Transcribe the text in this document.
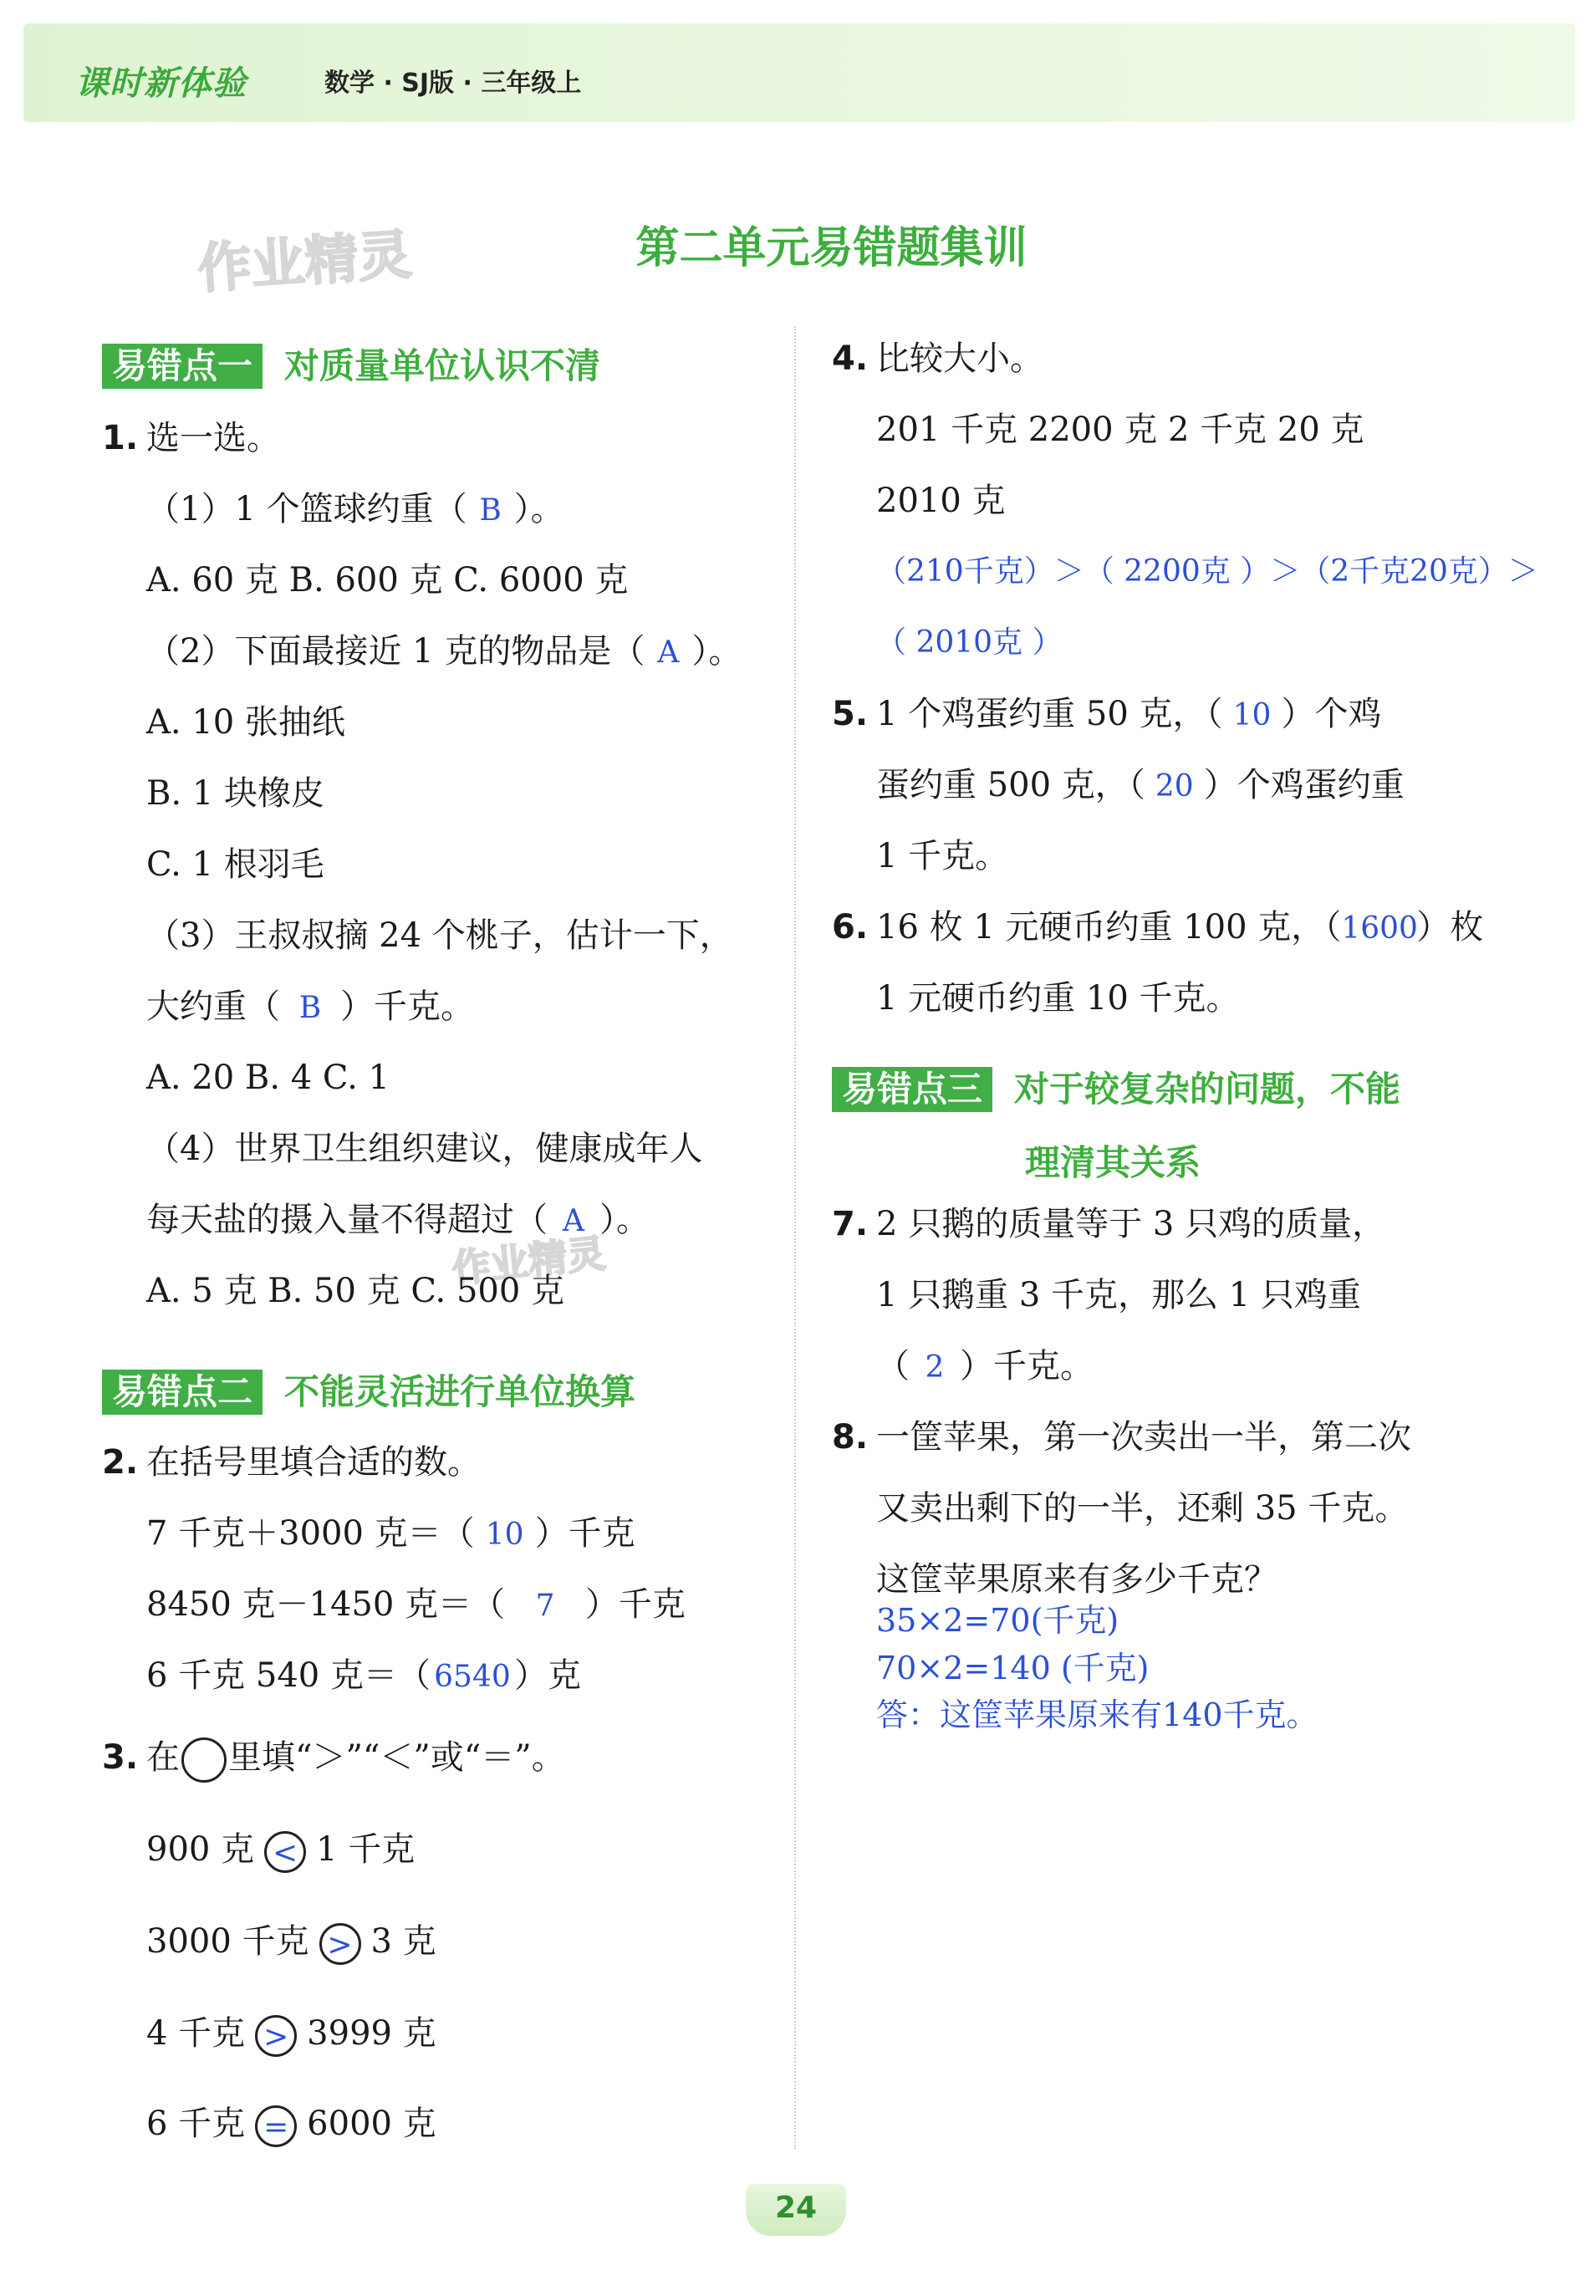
课时新体验	数学 · SJ版 · 三年级上
作业精灵
作业精灵
第二单元易错题集训
易错点一 对质量单位认识不清
1. 选一选。
（1）1 个篮球约重（ B ）。
A. 60 克 B. 600 克 C. 6000 克
（2）下面最接近 1 克的物品是（ A ）。
A. 10 张抽纸
B. 1 块橡皮
C. 1 根羽毛
（3）王叔叔摘 24 个桃子，估计一下，
大约重（ B ）千克。
A. 20 B. 4 C. 1
（4）世界卫生组织建议，健康成年人
每天盐的摄入量不得超过（ A ）。
A. 5 克 B. 50 克 C. 500 克
易错点二 不能灵活进行单位换算
2. 在括号里填合适的数。
7 千克＋3000 克＝（ 10 ）千克
8450 克－1450 克＝（ 7 ）千克
6 千克 540 克＝（ 6540 ）克
3. 在 里填“＞”“＜”或“＝”。
900 克 < 1 千克
3000 千克 > 3 克
4 千克 > 3999 克
6 千克 = 6000 克
4. 比较大小。
201 千克 2200 克 2 千克 20 克
2010 克
（210千克）＞（ 2200克 ）＞（2千克20克）＞
（ 2010克 ）
5. 1 个鸡蛋约重 50 克，（ 10 ）个鸡
蛋约重 500 克，（ 20 ）个鸡蛋约重
1 千克。
6. 16 枚 1 元硬币约重 100 克，（1600）枚
1 元硬币约重 10 千克。
易错点三 对于较复杂的问题，不能
理清其关系
7. 2 只鹅的质量等于 3 只鸡的质量，
1 只鹅重 3 千克，那么 1 只鸡重
（ 2 ）千克。
8. 一筐苹果，第一次卖出一半，第二次
又卖出剩下的一半，还剩 35 千克。
这筐苹果原来有多少千克？
35×2=70(千克)
70×2=140 (千克)
答：这筐苹果原来有140千克。
24
